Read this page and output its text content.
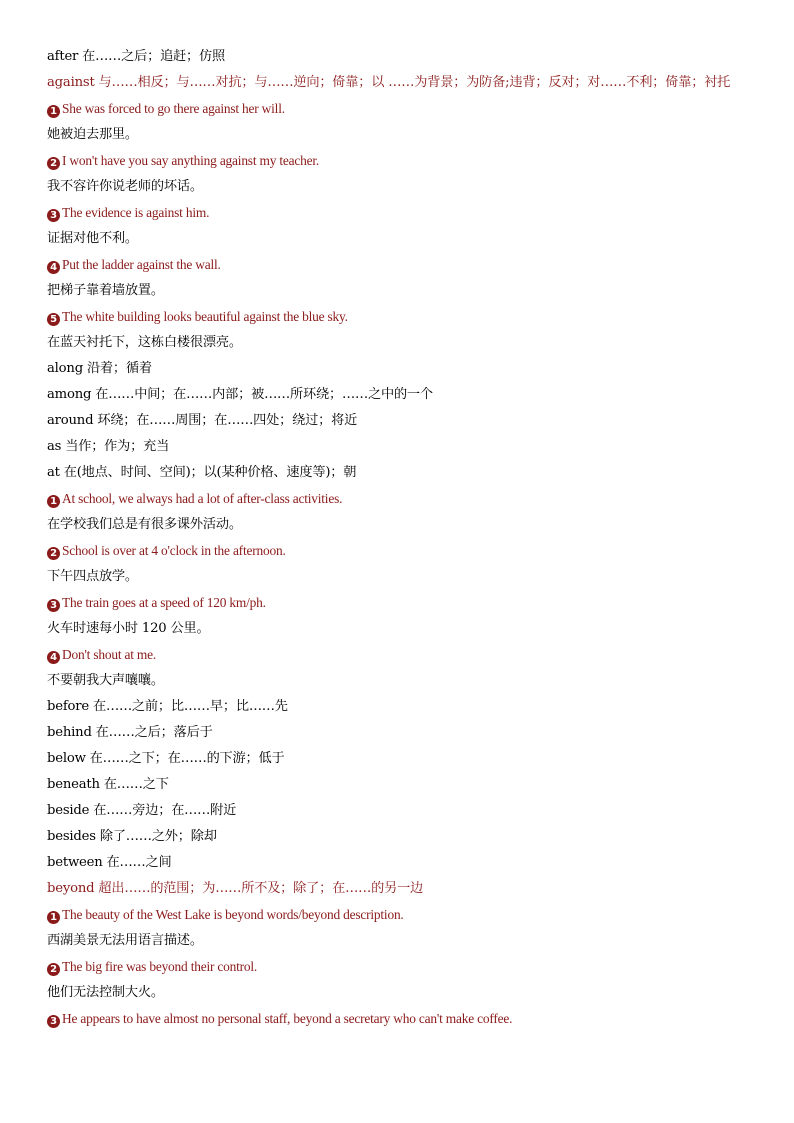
after 在……之后；追赶；仿照
against 与……相反；与……对抗；与……逆向；倚靠；以 ……为背景；为防备;违背；反对；对……不利；倚靠；衬托
1 She was forced to go there against her will.
她被迫去那里。
2 I won't have you say anything against my teacher.
我不容许你说老师的坏话。
3 The evidence is against him.
证据对他不利。
4 Put the ladder against the wall.
把梯子靠着墙放置。
5 The white building looks beautiful against the blue sky.
在蓝天衬托下，这栋白楼很漂亮。
along 沿着；循着
among 在……中间；在……内部；被……所环绕；……之中的一个
around 环绕；在……周围；在……四处；绕过；将近
as 当作；作为；充当
at 在(地点、时间、空间)；以(某种价格、速度等)；朝
1 At school, we always had a lot of after-class activities.
在学校我们总是有很多课外活动。
2 School is over at 4 o'clock in the afternoon.
下午四点放学。
3 The train goes at a speed of 120 km/ph.
火车时速每小时 120 公里。
4 Don't shout at me.
不要朝我大声嚷嚷。
before 在……之前；比……早；比……先
behind 在……之后；落后于
below 在……之下；在……的下游；低于
beneath 在……之下
beside 在……旁边；在……附近
besides 除了……之外；除却
between 在……之间
beyond 超出……的范围；为……所不及；除了；在……的另一边
1 The beauty of the West Lake is beyond words/beyond description.
西湖美景无法用语言描述。
2 The big fire was beyond their control.
他们无法控制大火。
3 He appears to have almost no personal staff, beyond a secretary who can't make coffee.
